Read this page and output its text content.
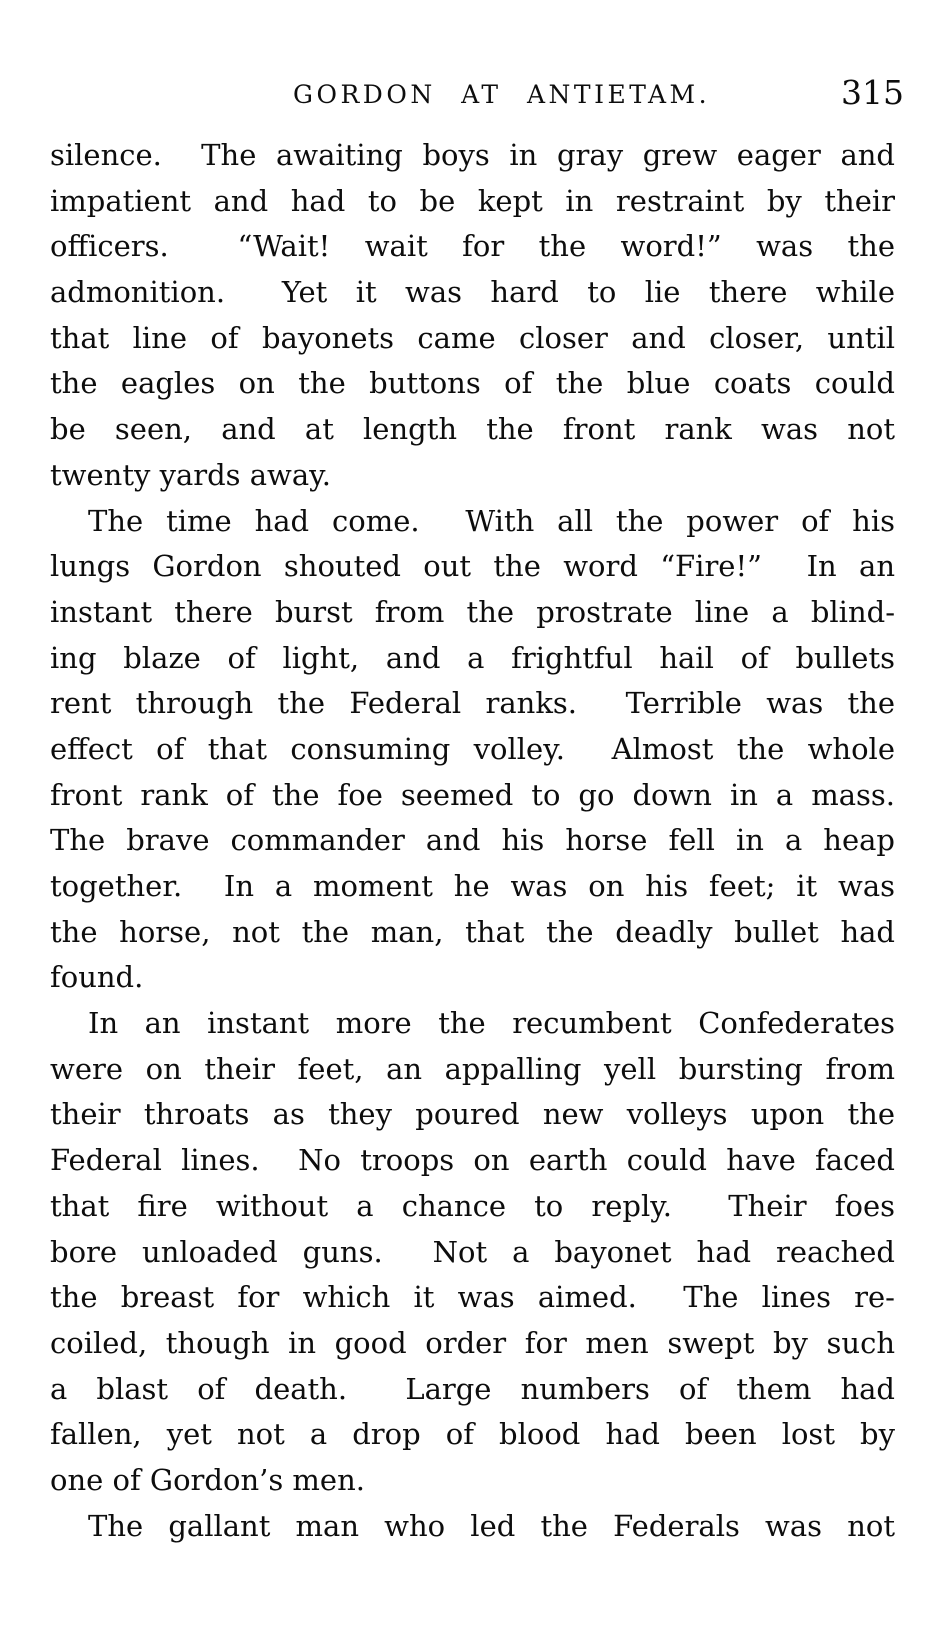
GORDON AT ANTIETAM.	315
silence.  The awaiting boys in gray grew eager and
impatient and had to be kept in restraint by their
officers.  “Wait! wait for the word!” was the
admonition.  Yet it was hard to lie there while
that line of bayonets came closer and closer, until
the eagles on the buttons of the blue coats could
be seen, and at length the front rank was not
twenty yards away.
The time had come.  With all the power of his
lungs Gordon shouted out the word “Fire!”  In an
instant there burst from the prostrate line a blind-
ing blaze of light, and a frightful hail of bullets
rent through the Federal ranks.  Terrible was the
effect of that consuming volley.  Almost the whole
front rank of the foe seemed to go down in a mass.
The brave commander and his horse fell in a heap
together.  In a moment he was on his feet; it was
the horse, not the man, that the deadly bullet had
found.
In an instant more the recumbent Confederates
were on their feet, an appalling yell bursting from
their throats as they poured new volleys upon the
Federal lines.  No troops on earth could have faced
that fire without a chance to reply.  Their foes
bore unloaded guns.  Not a bayonet had reached
the breast for which it was aimed.  The lines re-
coiled, though in good order for men swept by such
a blast of death.  Large numbers of them had
fallen, yet not a drop of blood had been lost by
one of Gordon’s men.
The gallant man who led the Federals was not
